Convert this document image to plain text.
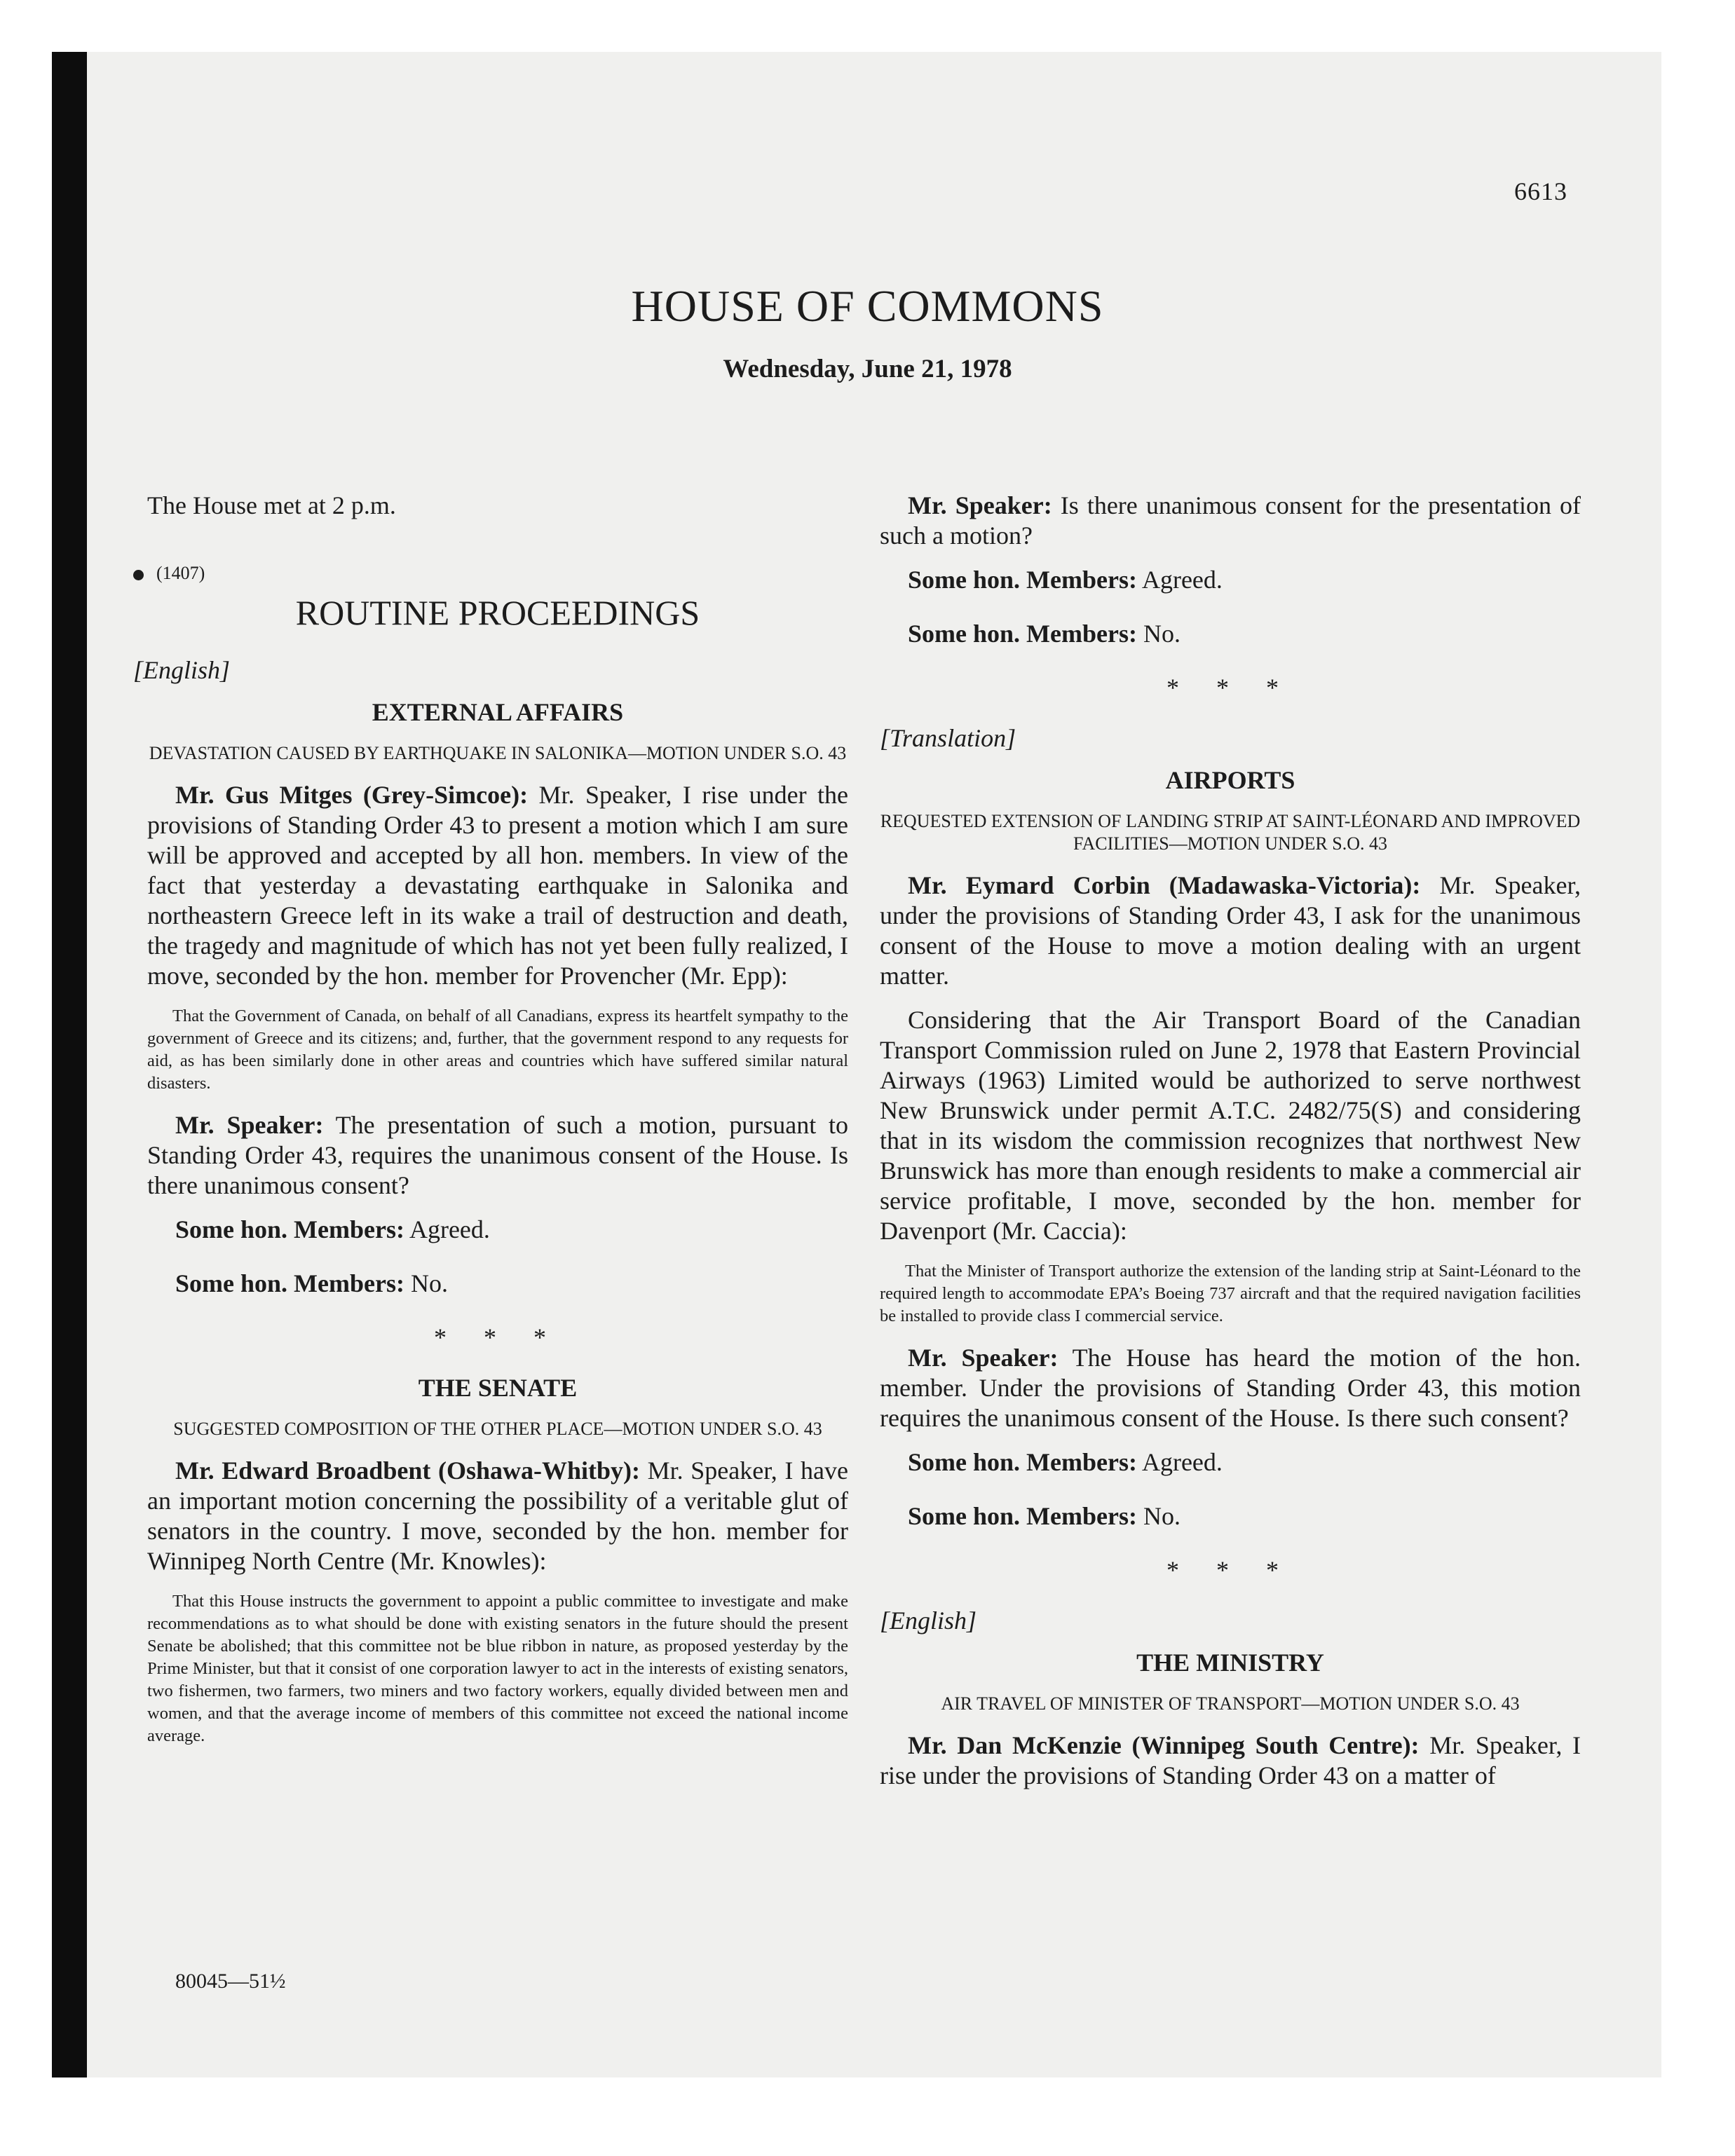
6613
HOUSE OF COMMONS
Wednesday, June 21, 1978

The House met at 2 p.m.

(1407)
ROUTINE PROCEEDINGS
[English]
EXTERNAL AFFAIRS
DEVASTATION CAUSED BY EARTHQUAKE IN SALONIKA—MOTION UNDER S.O. 43

Mr. Gus Mitges (Grey-Simcoe): Mr. Speaker, I rise under the provisions of Standing Order 43 to present a motion which I am sure will be approved and accepted by all hon. members. In view of the fact that yesterday a devastating earthquake in Salonika and northeastern Greece left in its wake a trail of destruction and death, the tragedy and magnitude of which has not yet been fully realized, I move, seconded by the hon. member for Provencher (Mr. Epp):

That the Government of Canada, on behalf of all Canadians, express its heartfelt sympathy to the government of Greece and its citizens; and, further, that the government respond to any requests for aid, as has been similarly done in other areas and countries which have suffered similar natural disasters.

Mr. Speaker: The presentation of such a motion, pursuant to Standing Order 43, requires the unanimous consent of the House. Is there unanimous consent?

Some hon. Members: Agreed.

Some hon. Members: No.

* * *
THE SENATE
SUGGESTED COMPOSITION OF THE OTHER PLACE—MOTION UNDER S.O. 43

Mr. Edward Broadbent (Oshawa-Whitby): Mr. Speaker, I have an important motion concerning the possibility of a veritable glut of senators in the country. I move, seconded by the hon. member for Winnipeg North Centre (Mr. Knowles):

That this House instructs the government to appoint a public committee to investigate and make recommendations as to what should be done with existing senators in the future should the present Senate be abolished; that this committee not be blue ribbon in nature, as proposed yesterday by the Prime Minister, but that it consist of one corporation lawyer to act in the interests of existing senators, two fishermen, two farmers, two miners and two factory workers, equally divided between men and women, and that the average income of members of this committee not exceed the national income average.

Mr. Speaker: Is there unanimous consent for the presentation of such a motion?

Some hon. Members: Agreed.

Some hon. Members: No.

* * *
[Translation]
AIRPORTS
REQUESTED EXTENSION OF LANDING STRIP AT SAINT-LÉONARD AND IMPROVED FACILITIES—MOTION UNDER S.O. 43

Mr. Eymard Corbin (Madawaska-Victoria): Mr. Speaker, under the provisions of Standing Order 43, I ask for the unanimous consent of the House to move a motion dealing with an urgent matter.

Considering that the Air Transport Board of the Canadian Transport Commission ruled on June 2, 1978 that Eastern Provincial Airways (1963) Limited would be authorized to serve northwest New Brunswick under permit A.T.C. 2482/75(S) and considering that in its wisdom the commission recognizes that northwest New Brunswick has more than enough residents to make a commercial air service profitable, I move, seconded by the hon. member for Davenport (Mr. Caccia):

That the Minister of Transport authorize the extension of the landing strip at Saint-Léonard to the required length to accommodate EPA’s Boeing 737 aircraft and that the required navigation facilities be installed to provide class I commercial service.

Mr. Speaker: The House has heard the motion of the hon. member. Under the provisions of Standing Order 43, this motion requires the unanimous consent of the House. Is there such consent?

Some hon. Members: Agreed.

Some hon. Members: No.

* * *
[English]
THE MINISTRY
AIR TRAVEL OF MINISTER OF TRANSPORT—MOTION UNDER S.O. 43

Mr. Dan McKenzie (Winnipeg South Centre): Mr. Speaker, I rise under the provisions of Standing Order 43 on a matter of

80045—51½
